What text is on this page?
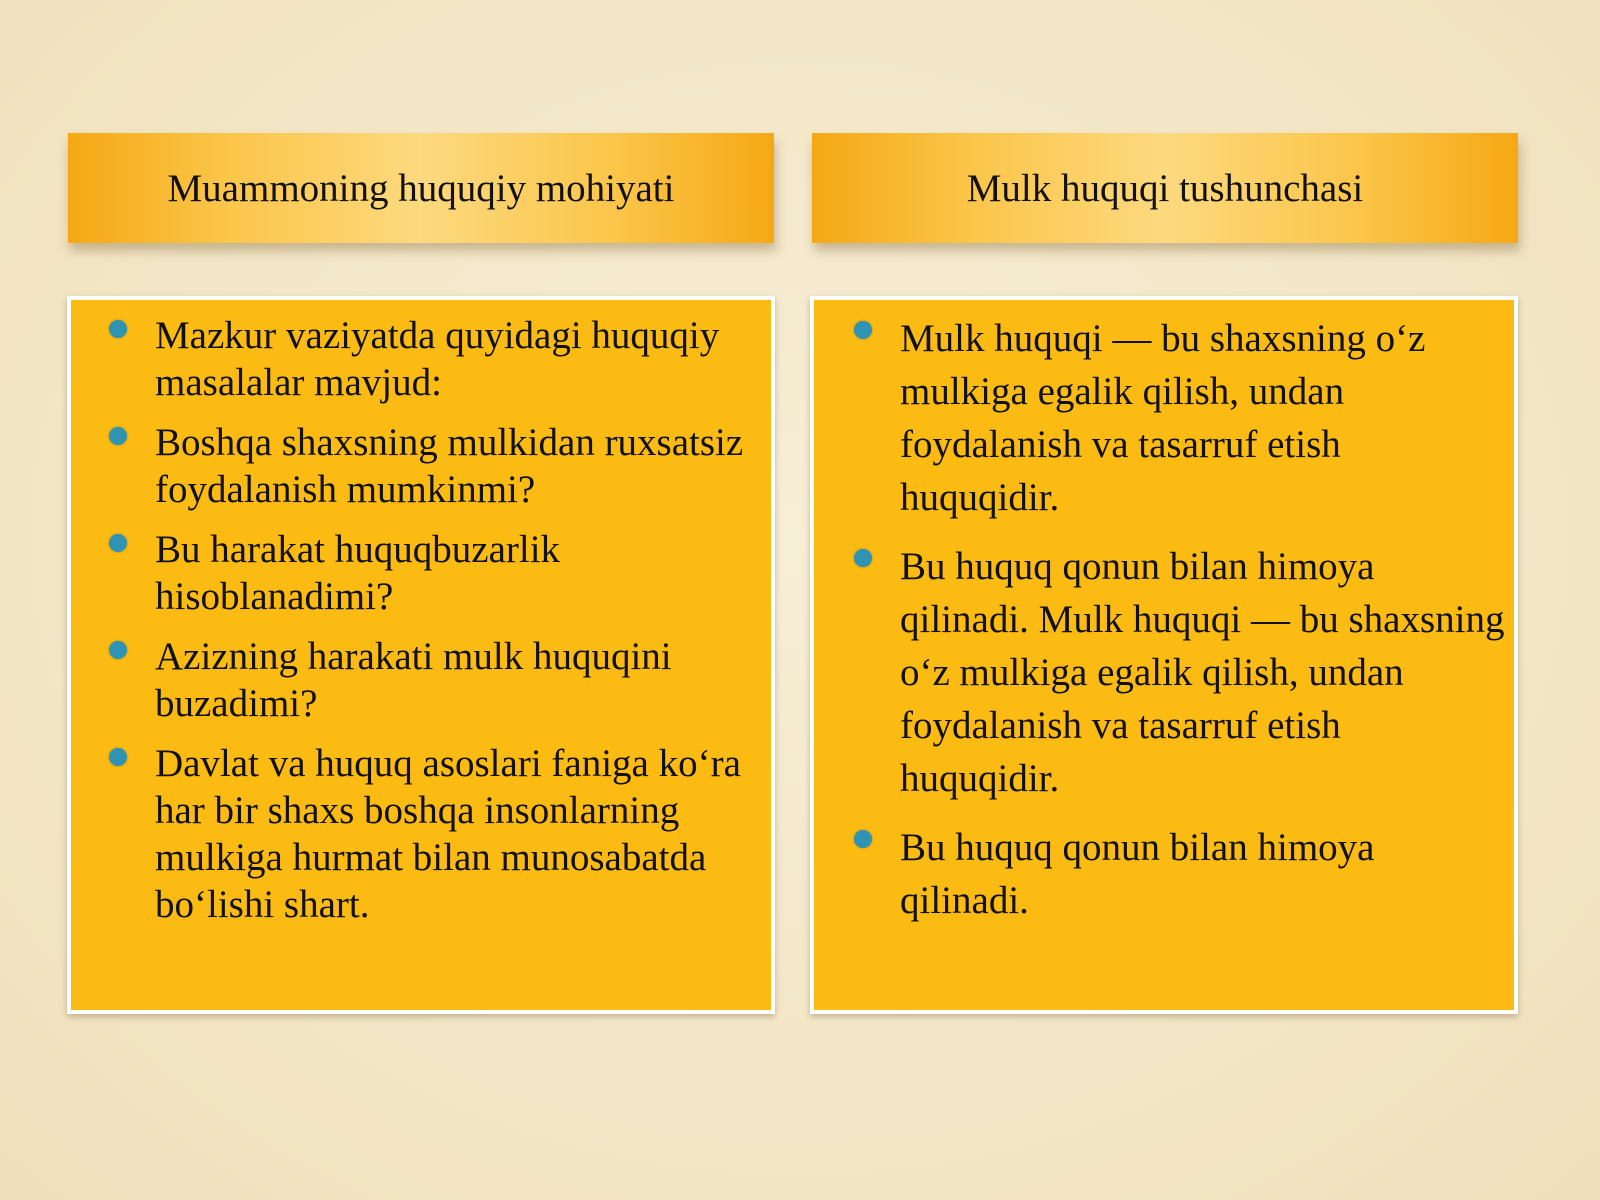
Muammoning huquqiy mohiyati	Mulk huquqi tushunchasi
Mazkur vaziyatda quyidagi huquqiy masalalar mavjud:
Boshqa shaxsning mulkidan ruxsatsiz foydalanish mumkinmi?
Bu harakat huquqbuzarlik hisoblanadimi?
Azizning harakati mulk huquqini buzadimi?
Davlat va huquq asoslari faniga ko‘ra har bir shaxs boshqa insonlarning mulkiga hurmat bilan munosabatda bo‘lishi shart.
Mulk huquqi — bu shaxsning o‘z mulkiga egalik qilish, undan foydalanish va tasarruf etish huquqidir.
Bu huquq qonun bilan himoya qilinadi. Mulk huquqi — bu shaxsning o‘z mulkiga egalik qilish, undan foydalanish va tasarruf etish huquqidir.
Bu huquq qonun bilan himoya qilinadi.
